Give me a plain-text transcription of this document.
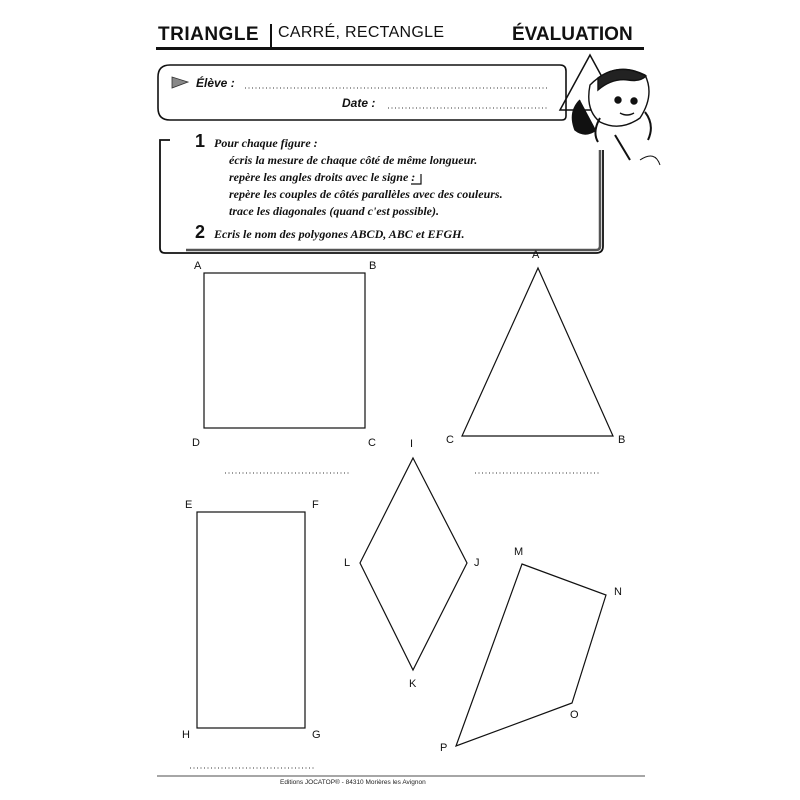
TRIANGLE CARRÉ, RECTANGLE	ÉVALUATION
Élève :
Date :
1 Pour chaque figure :
écris la mesure de chaque côté de même longueur.
repère les angles droits avec le signe :
repère les couples de côtés parallèles avec des couleurs.
trace les diagonales (quand c'est possible).
2 Ecris le nom des polygones ABCD, ABC et EFGH.
A	B
C
D
A
B
C
I
J
K
L
E	F
G
H
M
N
O
P
Editions JOCATOP® - 84310 Morières les Avignon
